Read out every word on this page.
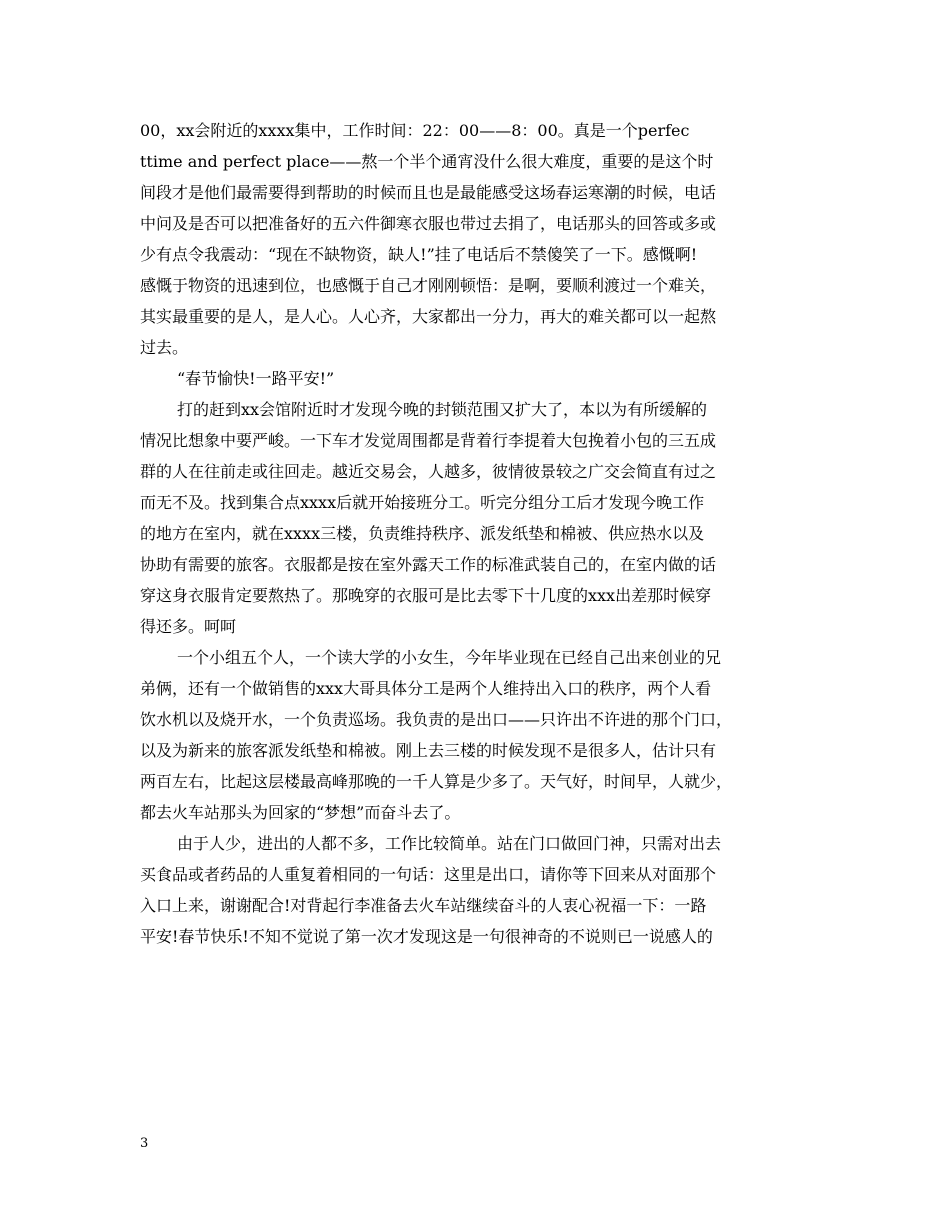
00，xx会附近的xxxx集中，工作时间：22：00——8：00。真是一个perfec
ttime and perfect place——熬一个半个通宵没什么很大难度，重要的是这个时
间段才是他们最需要得到帮助的时候而且也是最能感受这场春运寒潮的时候，电话
中问及是否可以把准备好的五六件御寒衣服也带过去捐了，电话那头的回答或多或
少有点令我震动：“现在不缺物资，缺人!”挂了电话后不禁傻笑了一下。感慨啊!
感慨于物资的迅速到位，也感慨于自己才刚刚顿悟：是啊，要顺利渡过一个难关，
其实最重要的是人，是人心。人心齐，大家都出一分力，再大的难关都可以一起熬
过去。
“春节愉快!一路平安!”
打的赶到xx会馆附近时才发现今晚的封锁范围又扩大了，本以为有所缓解的
情况比想象中要严峻。一下车才发觉周围都是背着行李提着大包挽着小包的三五成
群的人在往前走或往回走。越近交易会，人越多，彼情彼景较之广交会简直有过之
而无不及。找到集合点xxxx后就开始接班分工。听完分组分工后才发现今晚工作
的地方在室内，就在xxxx三楼，负责维持秩序、派发纸垫和棉被、供应热水以及
协助有需要的旅客。衣服都是按在室外露天工作的标准武装自己的，在室内做的话
穿这身衣服肯定要熬热了。那晚穿的衣服可是比去零下十几度的xxx出差那时候穿
得还多。呵呵
一个小组五个人，一个读大学的小女生，今年毕业现在已经自己出来创业的兄
弟俩，还有一个做销售的xxx大哥具体分工是两个人维持出入口的秩序，两个人看
饮水机以及烧开水，一个负责巡场。我负责的是出口——只许出不许进的那个门口，
以及为新来的旅客派发纸垫和棉被。刚上去三楼的时候发现不是很多人，估计只有
两百左右，比起这层楼最高峰那晚的一千人算是少多了。天气好，时间早，人就少，
都去火车站那头为回家的“梦想”而奋斗去了。
由于人少，进出的人都不多，工作比较简单。站在门口做回门神，只需对出去
买食品或者药品的人重复着相同的一句话：这里是出口，请你等下回来从对面那个
入口上来，谢谢配合!对背起行李准备去火车站继续奋斗的人衷心祝福一下：一路
平安!春节快乐!不知不觉说了第一次才发现这是一句很神奇的不说则已一说感人的
3
